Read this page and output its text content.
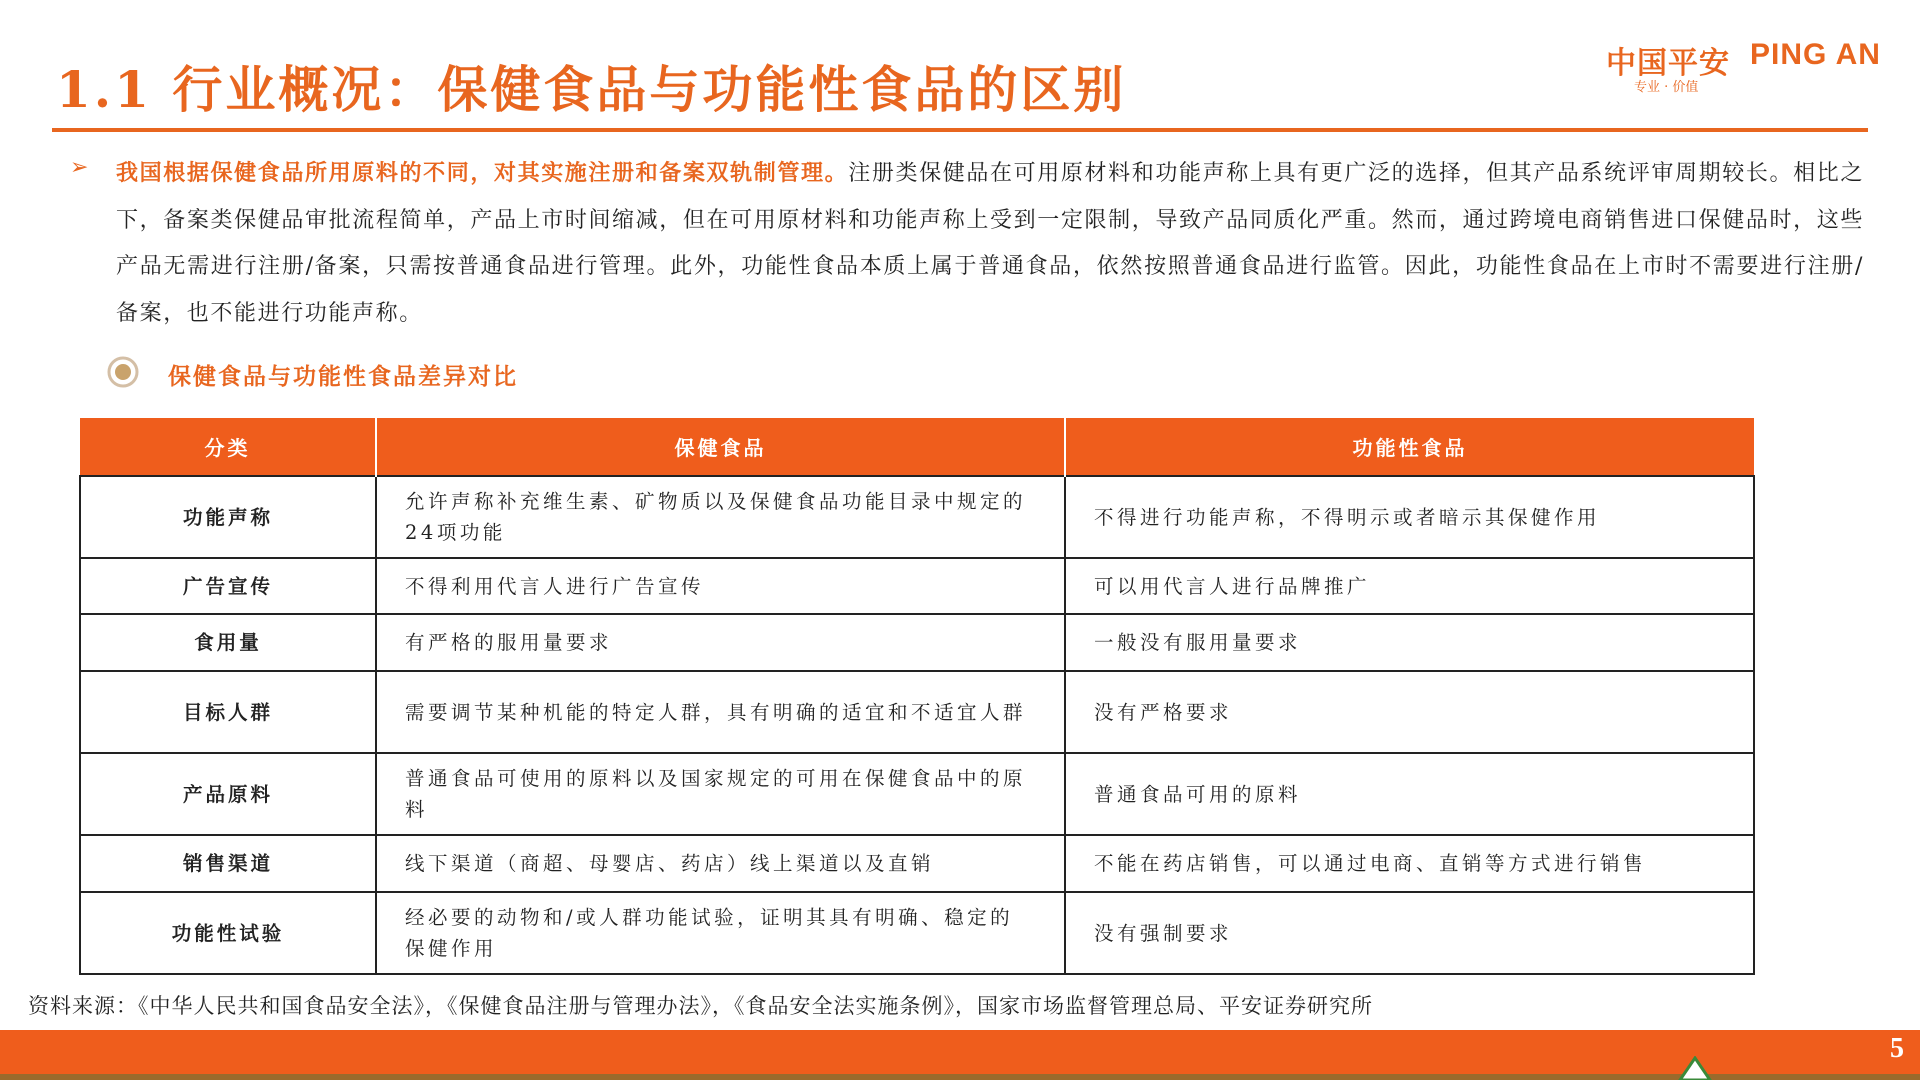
1.1 行业概况：保健食品与功能性食品的区别	中国平安 PING AN
专业 · 价值
➢ 我国根据保健食品所用原料的不同，对其实施注册和备案双轨制管理。注册类保健品在可用原材料和功能声称上具有更广泛的选择，但其产品系统评审周期较长。相比之下，备案类保健品审批流程简单，产品上市时间缩减，但在可用原材料和功能声称上受到一定限制，导致产品同质化严重。然而，通过跨境电商销售进口保健品时，这些产品无需进行注册/备案，只需按普通食品进行管理。此外，功能性食品本质上属于普通食品，依然按照普通食品进行监管。因此，功能性食品在上市时不需要进行注册/备案，也不能进行功能声称。
保健食品与功能性食品差异对比
分类	保健食品	功能性食品
功能声称	允许声称补充维生素、矿物质以及保健食品功能目录中规定的24项功能	不得进行功能声称，不得明示或者暗示其保健作用
广告宣传	不得利用代言人进行广告宣传	可以用代言人进行品牌推广
食用量	有严格的服用量要求	一般没有服用量要求
目标人群	需要调节某种机能的特定人群，具有明确的适宜和不适宜人群	没有严格要求
产品原料	普通食品可使用的原料以及国家规定的可用在保健食品中的原料	普通食品可用的原料
销售渠道	线下渠道（商超、母婴店、药店）线上渠道以及直销	不能在药店销售，可以通过电商、直销等方式进行销售
功能性试验	经必要的动物和/或人群功能试验，证明其具有明确、稳定的保健作用	没有强制要求
资料来源：《中华人民共和国食品安全法》，《保健食品注册与管理办法》，《食品安全法实施条例》，国家市场监督管理总局、平安证券研究所
5
